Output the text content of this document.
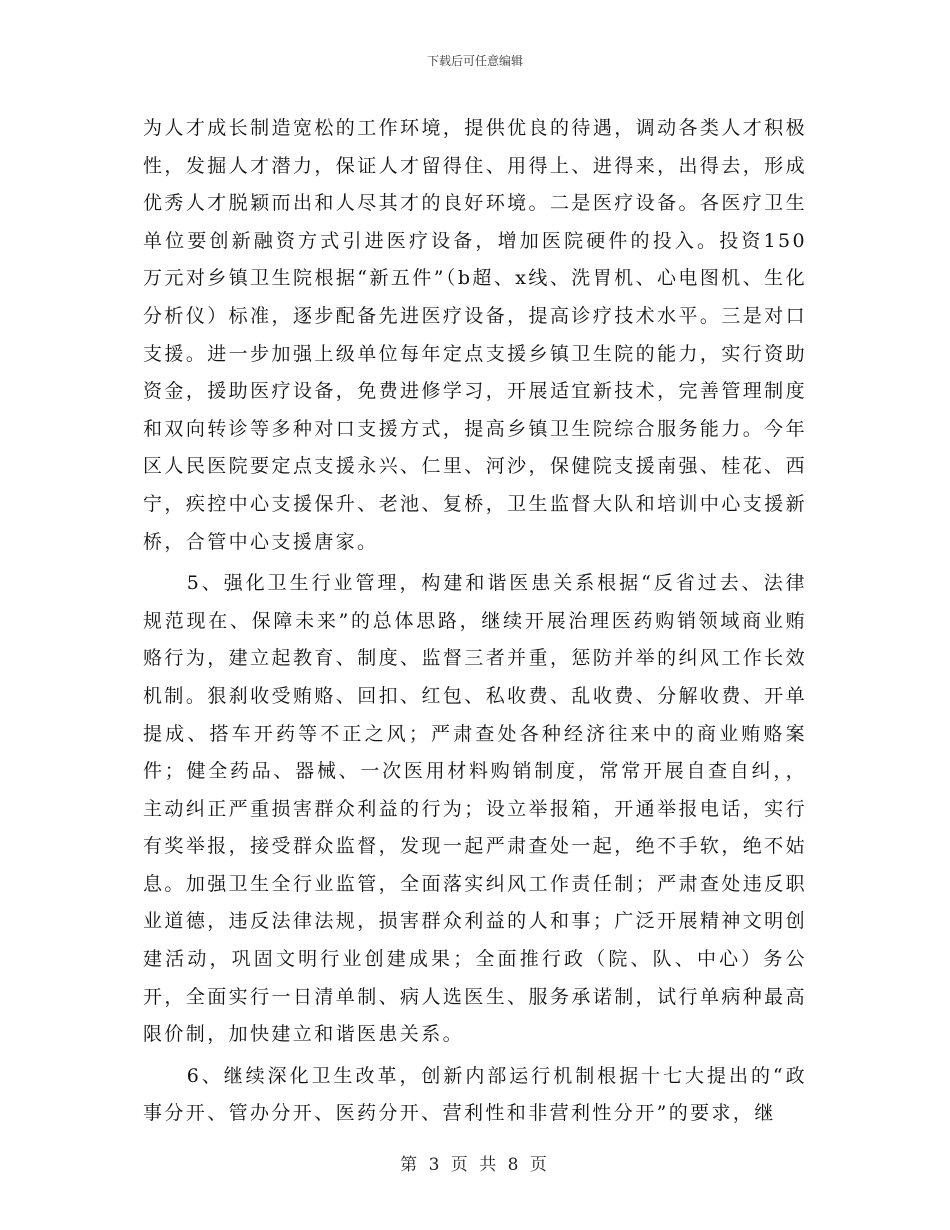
下载后可任意编辑

为人才成长制造宽松的工作环境，提供优良的待遇，调动各类人才积极性，发掘人才潜力，保证人才留得住、用得上、进得来，出得去，形成优秀人才脱颖而出和人尽其才的良好环境。二是医疗设备。各医疗卫生单位要创新融资方式引进医疗设备，增加医院硬件的投入。投资150万元对乡镇卫生院根据“新五件”（b超、x线、洗胃机、心电图机、生化分析仪）标准，逐步配备先进医疗设备，提高诊疗技术水平。三是对口支援。进一步加强上级单位每年定点支援乡镇卫生院的能力，实行资助资金，援助医疗设备，免费进修学习，开展适宜新技术，完善管理制度和双向转诊等多种对口支援方式，提高乡镇卫生院综合服务能力。今年区人民医院要定点支援永兴、仁里、河沙，保健院支援南强、桂花、西宁，疾控中心支援保升、老池、复桥，卫生监督大队和培训中心支援新桥，合管中心支援唐家。

5、强化卫生行业管理，构建和谐医患关系根据“反省过去、法律规范现在、保障未来”的总体思路，继续开展治理医药购销领域商业贿赂行为，建立起教育、制度、监督三者并重，惩防并举的纠风工作长效机制。狠刹收受贿赂、回扣、红包、私收费、乱收费、分解收费、开单提成、搭车开药等不正之风；严肃查处各种经济往来中的商业贿赂案件；健全药品、器械、一次医用材料购销制度，常常开展自查自纠，，主动纠正严重损害群众利益的行为；设立举报箱，开通举报电话，实行有奖举报，接受群众监督，发现一起严肃查处一起，绝不手软，绝不姑息。加强卫生全行业监管，全面落实纠风工作责任制；严肃查处违反职业道德，违反法律法规，损害群众利益的人和事；广泛开展精神文明创建活动，巩固文明行业创建成果；全面推行政（院、队、中心）务公开，全面实行一日清单制、病人选医生、服务承诺制，试行单病种最高限价制，加快建立和谐医患关系。

6、继续深化卫生改革，创新内部运行机制根据十七大提出的“政事分开、管办分开、医药分开、营利性和非营利性分开”的要求，继

第 3 页 共 8 页
